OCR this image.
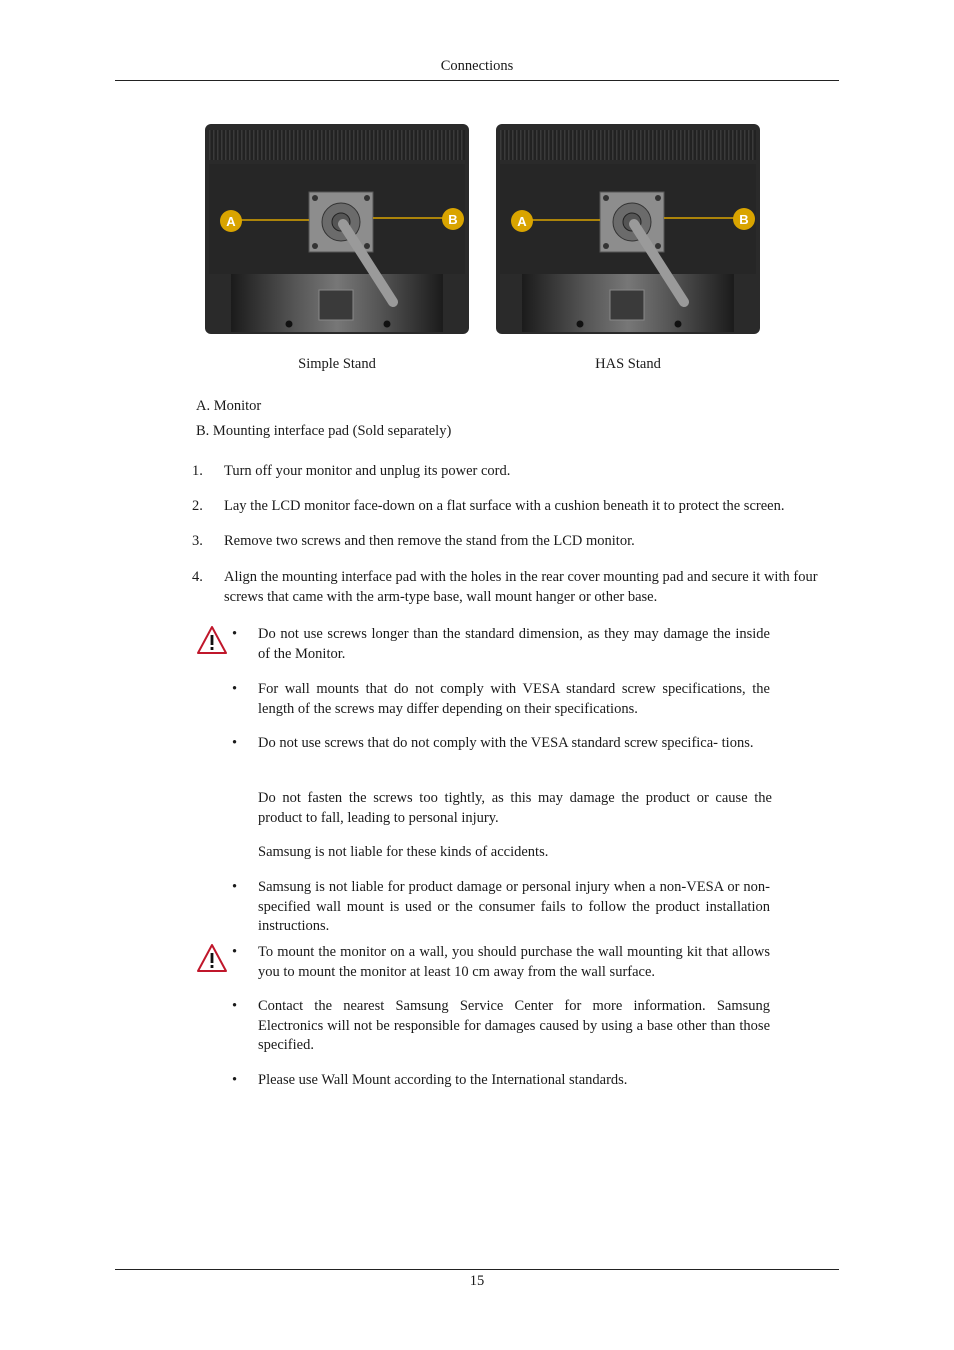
Connections
A	B
Simple Stand
A	B
HAS Stand
A. Monitor
B. Mounting interface pad (Sold separately)
1. Turn off your monitor and unplug its power cord.
2. Lay the LCD monitor face-down on a flat surface with a cushion beneath it to protect the screen.
3. Remove two screws and then remove the stand from the LCD monitor.
4. Align the mounting interface pad with the holes in the rear cover mounting pad and secure it with four screws that came with the arm-type base, wall mount hanger or other base.
• Do not use screws longer than the standard dimension, as they may damage the inside of the Monitor.
• For wall mounts that do not comply with VESA standard screw specifications, the length of the screws may differ depending on their specifications.
• Do not use screws that do not comply with the VESA standard screw specifica- tions.
Do not fasten the screws too tightly, as this may damage the product or cause the product to fall, leading to personal injury.
Samsung is not liable for these kinds of accidents.
• Samsung is not liable for product damage or personal injury when a non-VESA or non-specified wall mount is used or the consumer fails to follow the product installation instructions.
• To mount the monitor on a wall, you should purchase the wall mounting kit that allows you to mount the monitor at least 10 cm away from the wall surface.
• Contact the nearest Samsung Service Center for more information. Samsung Electronics will not be responsible for damages caused by using a base other than those specified.
• Please use Wall Mount according to the International standards.
15
